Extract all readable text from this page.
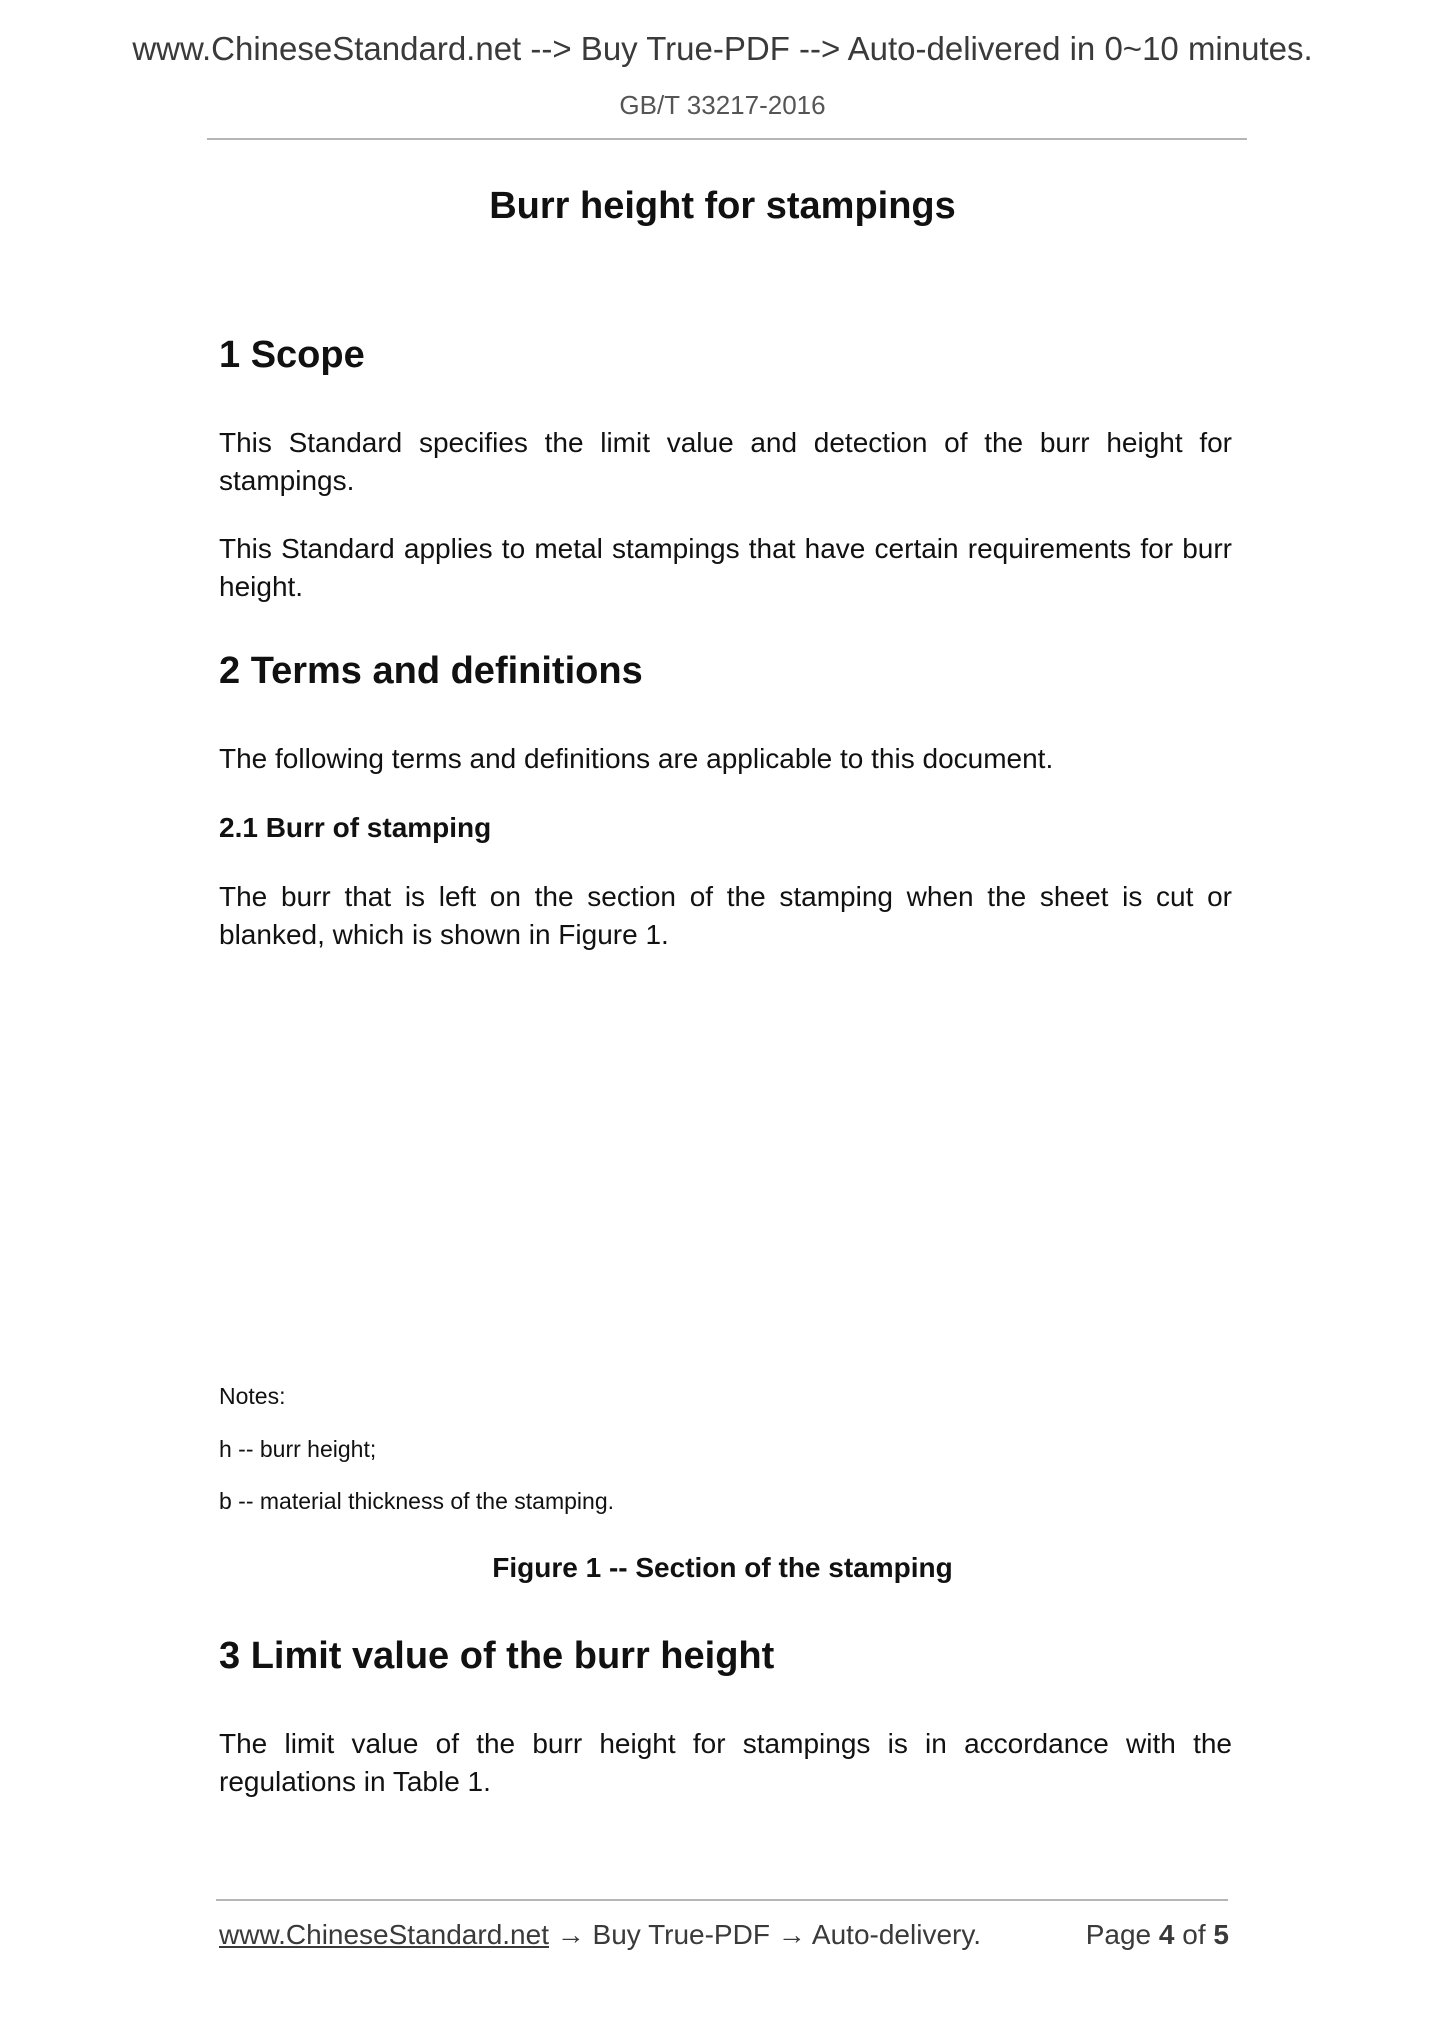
www.ChineseStandard.net --> Buy True-PDF --> Auto-delivered in 0~10 minutes.
GB/T 33217-2016
Burr height for stampings
1 Scope

This Standard specifies the limit value and detection of the burr height for stampings.

This Standard applies to metal stampings that have certain requirements for burr height.

2 Terms and definitions

The following terms and definitions are applicable to this document.

2.1 Burr of stamping

The burr that is left on the section of the stamping when the sheet is cut or blanked, which is shown in Figure 1.

Notes:

h -- burr height;

b -- material thickness of the stamping.

Figure 1 -- Section of the stamping

3 Limit value of the burr height

The limit value of the burr height for stampings is in accordance with the regulations in Table 1.

www.ChineseStandard.net → Buy True-PDF → Auto-delivery.	Page 4 of 5
